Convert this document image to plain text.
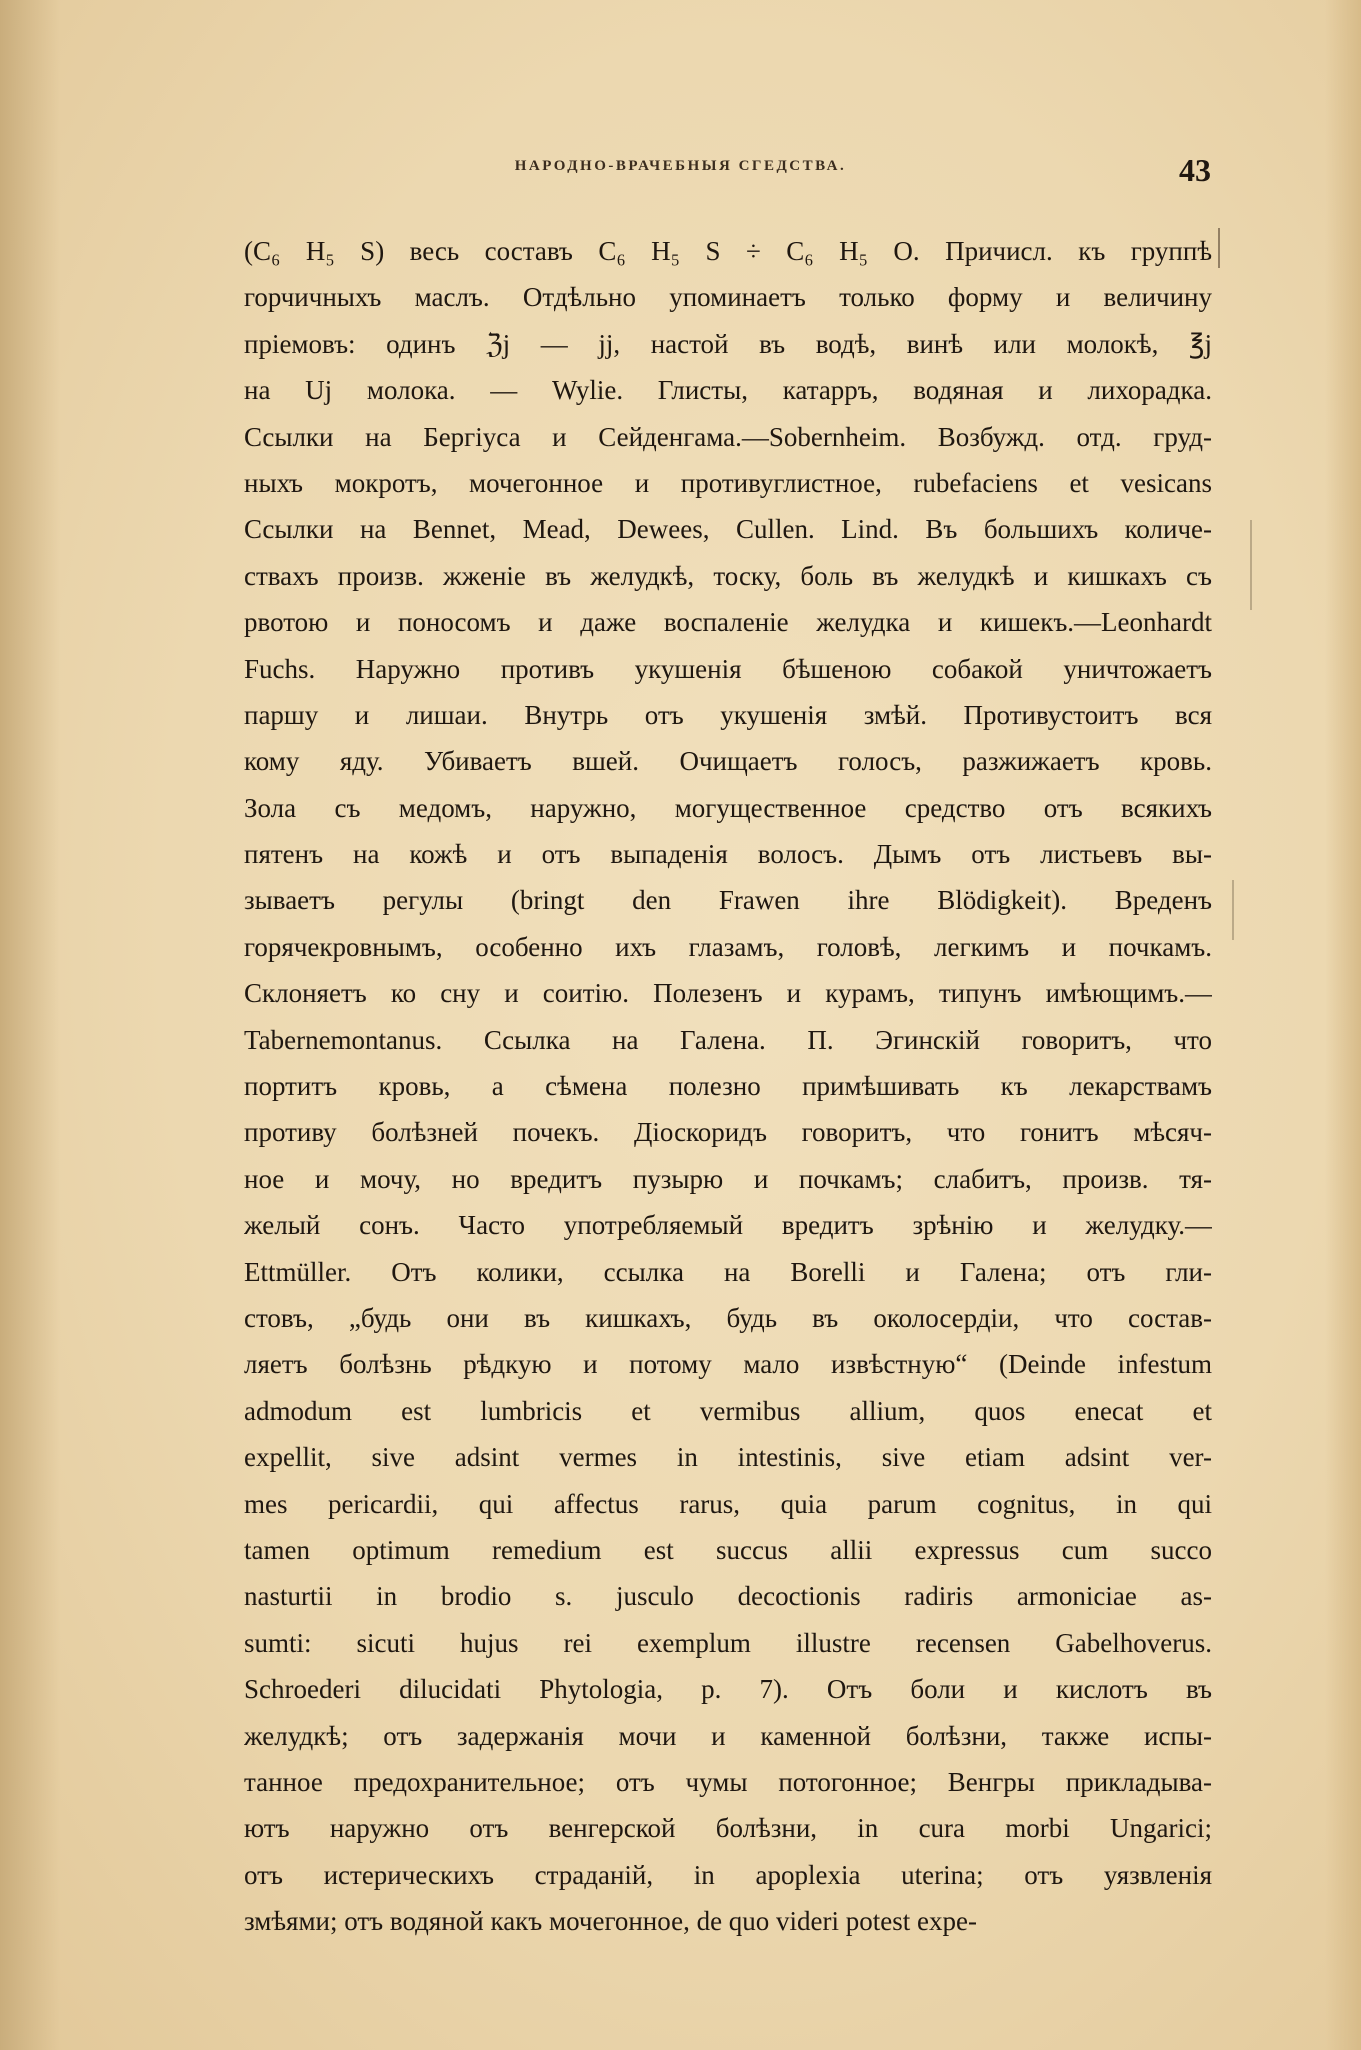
НАРОДНО-ВРАЧЕБНЫЯ СГЕДСТВА.	43
(C₆ H₅ S) весь составъ C₆ H₅ S ÷ C₆ H₅ O. Причисл. къ группѣ
горчичныхъ маслъ. Отдѣльно упоминаетъ только форму и величину
пріемовъ: одинъ ℨj — jj, настой въ водѣ, винѣ или молокѣ, ℥j
на Uj молока. — Wylie. Глисты, катарръ, водяная и лихорадка.
Ссылки на Бергіуса и Сейденгама.—Sobernheim. Возбужд. отд. груд-
ныхъ мокротъ, мочегонное и противуглистное, rubefaciens et vesicans
Ссылки на Bennet, Mead, Dewees, Cullen. Lind. Въ большихъ количе-
ствахъ произв. жженіе въ желудкѣ, тоску, боль въ желудкѣ и кишкахъ съ
рвотою и поносомъ и даже воспаленіе желудка и кишекъ.—Leonhardt
Fuchs. Наружно противъ укушенія бѣшеною собакой уничтожаетъ
паршу и лишаи. Внутрь отъ укушенія змѣй. Противустоитъ вся
кому яду. Убиваетъ вшей. Очищаетъ голосъ, разжижаетъ кровь.
Зола съ медомъ, наружно, могущественное средство отъ всякихъ
пятенъ на кожѣ и отъ выпаденія волосъ. Дымъ отъ листьевъ вы-
зываетъ регулы (bringt den Frawen ihre Blödigkeit). Вреденъ
горячекровнымъ, особенно ихъ глазамъ, головѣ, легкимъ и почкамъ.
Склоняетъ ко сну и соитію. Полезенъ и курамъ, типунъ имѣющимъ.—
Tabernemontanus. Ссылка на Галена. П. Эгинскій говоритъ, что
портитъ кровь, а сѣмена полезно примѣшивать къ лекарствамъ
противу болѣзней почекъ. Діоскоридъ говоритъ, что гонитъ мѣсяч-
ное и мочу, но вредитъ пузырю и почкамъ; слабитъ, произв. тя-
желый сонъ. Часто употребляемый вредитъ зрѣнію и желудку.—
Ettmüller. Отъ колики, ссылка на Borelli и Галена; отъ гли-
стовъ, „будь они въ кишкахъ, будь въ околосердіи, что состав-
ляетъ болѣзнь рѣдкую и потому мало извѣстную“ (Deinde infestum
admodum est lumbricis et vermibus allium, quos enecat et
expellit, sive adsint vermes in intestinis, sive etiam adsint ver-
mes pericardii, qui affectus rarus, quia parum cognitus, in qui
tamen optimum remedium est succus allii expressus cum succo
nasturtii in brodio s. jusculo decoctionis radiris armoniciae as-
sumti: sicuti hujus rei exemplum illustre recensen Gabelhoverus.
Schroederi dilucidati Phytologia, p. 7). Отъ боли и кислотъ въ
желудкѣ; отъ задержанія мочи и каменной болѣзни, также испы-
танное предохранительное; отъ чумы потогонное; Венгры прикладыва-
ютъ наружно отъ венгерской болѣзни, in cura morbi Ungarici;
отъ истерическихъ страданій, in apoplexia uterina; отъ уязвленія
змѣями; отъ водяной какъ мочегонное, de quo videri potest expe-
